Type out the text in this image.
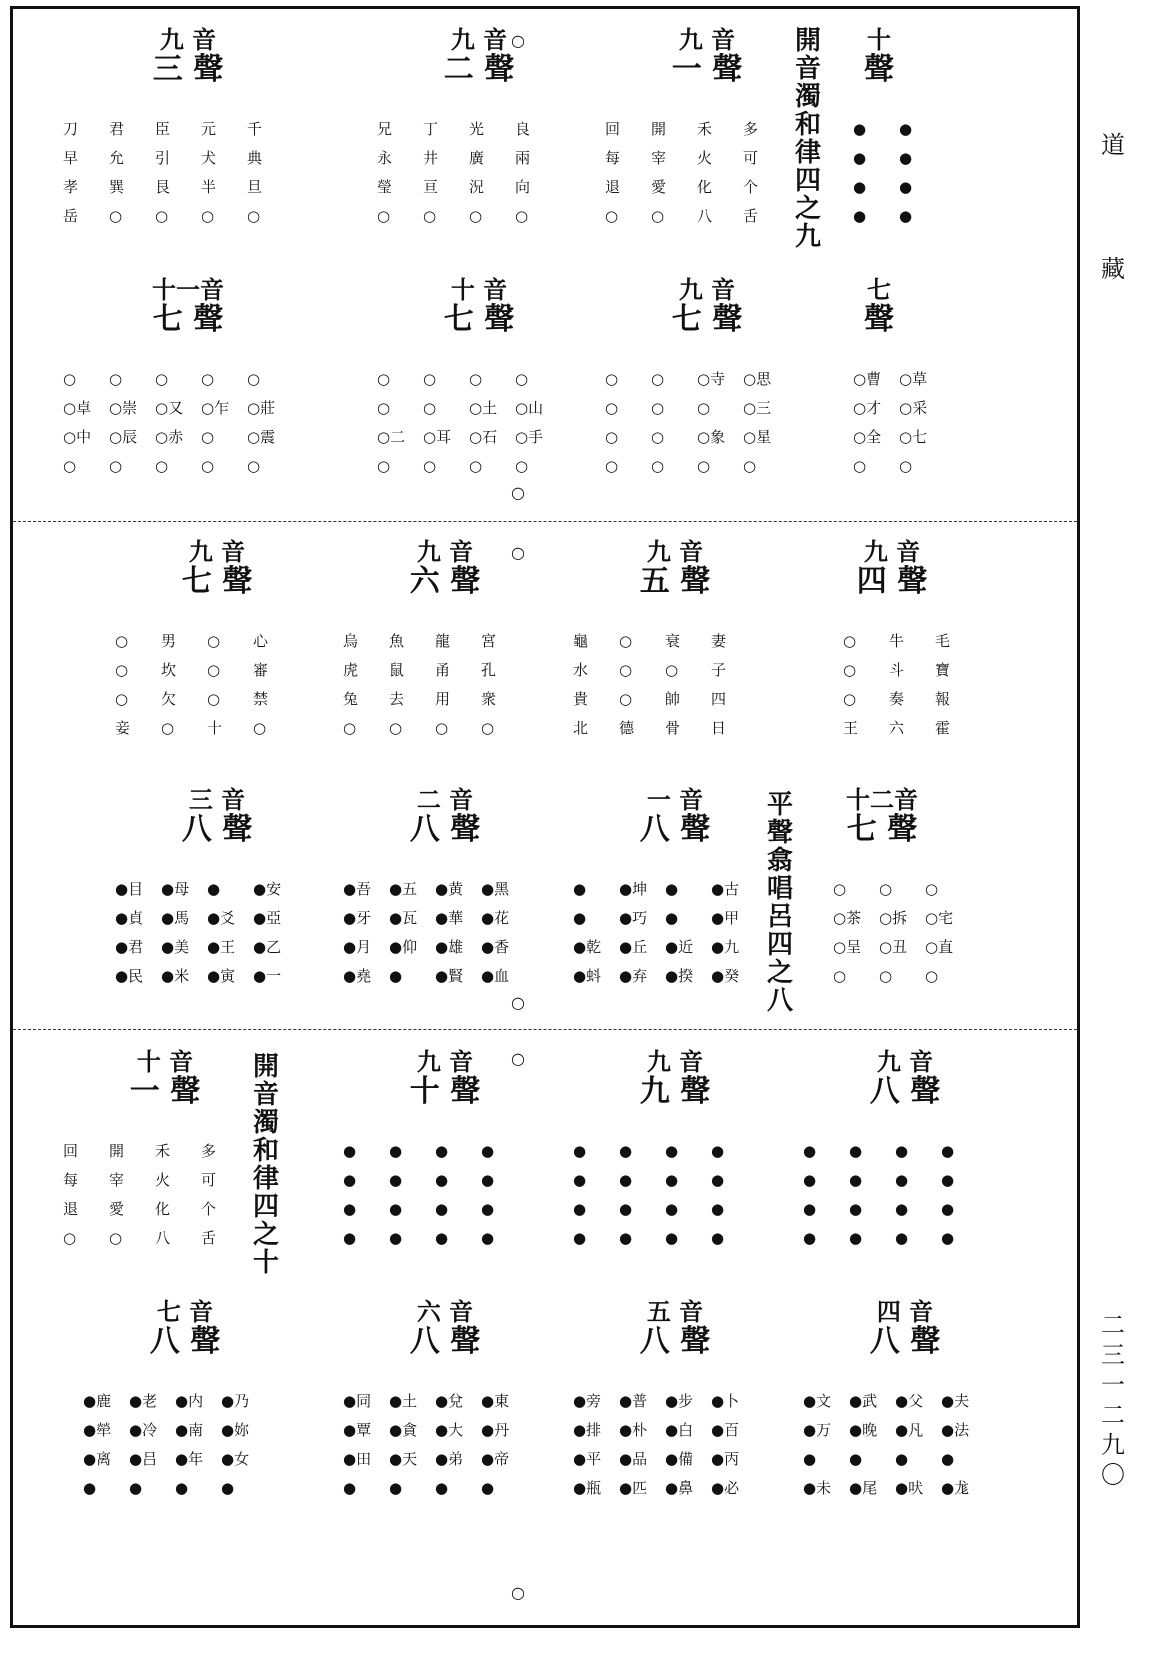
十
聲
●
●
●
●
●
●
●
●
九 音
一 聲
多
可
个
舌
禾
火
化
八
開
宰
愛
○
回
每
退
○
九 音
二 聲
良
兩
向
○
光
廣
況
○
丁
井
亘
○
兄
永
瑩
○
九 音
三 聲
千
典
旦
○
元
犬
半
○
臣
引
艮
○
君
允
巽
○
刀
早
孝
岳
七
聲
○草
○采
○七
○
○曹
○才
○全
○
九 音
七 聲
○思
○三
○星
○
○寺
○
○象
○
○
○
○
○
○
○
○
○
十 音
七 聲
○
○山
○手
○
○
○土
○石
○
○
○
○耳
○
○
○
○二
○
十一音
七 聲
○
○莊
○震
○
○
○乍
○
○
○
○又
○赤
○
○
○崇
○辰
○
○
○卓
○中
○
九 音
四 聲
毛
寶
報
霍
牛
斗
奏
六
○
○
○
王
九 音
五 聲
妻
子
四
日
衰
○
帥
骨
○
○
○
德
龜
水
貴
北
九 音
六 聲
宮
孔
衆
○
龍
甬
用
○
魚
鼠
去
○
烏
虎
兔
○
九 音
七 聲
心
審
禁
○
○
○
○
十
男
坎
欠
○
○
○
○
妾
十二音
七 聲
○
○宅
○直
○
○
○拆
○丑
○
○
○茶
○呈
○
一 音
八 聲
●古
●甲
●九
●癸
●
●
●近
●揆
●坤
●巧
●丘
●弃
●
●
●乾
●蚪
二 音
八 聲
●黑
●花
●香
●血
●黄
●華
●雄
●賢
●五
●瓦
●仰
●
●吾
●牙
●月
●堯
三 音
八 聲
●安
●亞
●乙
●一
●
●爻
●王
●寅
●母
●馬
●美
●米
●目
●貞
●君
●民
九 音
八 聲
●
●
●
●
●
●
●
●
●
●
●
●
●
●
●
●
九 音
九 聲
●
●
●
●
●
●
●
●
●
●
●
●
●
●
●
●
九 音
十 聲
●
●
●
●
●
●
●
●
●
●
●
●
●
●
●
●
十 音
一 聲
多
可
个
舌
禾
火
化
八
開
宰
愛
○
回
每
退
○
四 音
八 聲
●夫
●法
●
●尨
●父
●凡
●
●吠
●武
●晚
●
●尾
●文
●万
●
●未
五 音
八 聲
●卜
●百
●丙
●必
●步
●白
●備
●鼻
●普
●朴
●品
●匹
●旁
●排
●平
●瓶
六 音
八 聲
●東
●丹
●帝
●
●兌
●大
●弟
●
●土
●貪
●天
●
●同
●覃
●田
●
七 音
八 聲
●乃
●妳
●女
●
●内
●南
●年
●
●老
●冷
●吕
●
●鹿
●犖
●离
●
開音濁和律四之九
平聲翕唱呂四之八
開音濁和律四之十
○
○
○
○
○
○
道
藏
二三一二九〇
